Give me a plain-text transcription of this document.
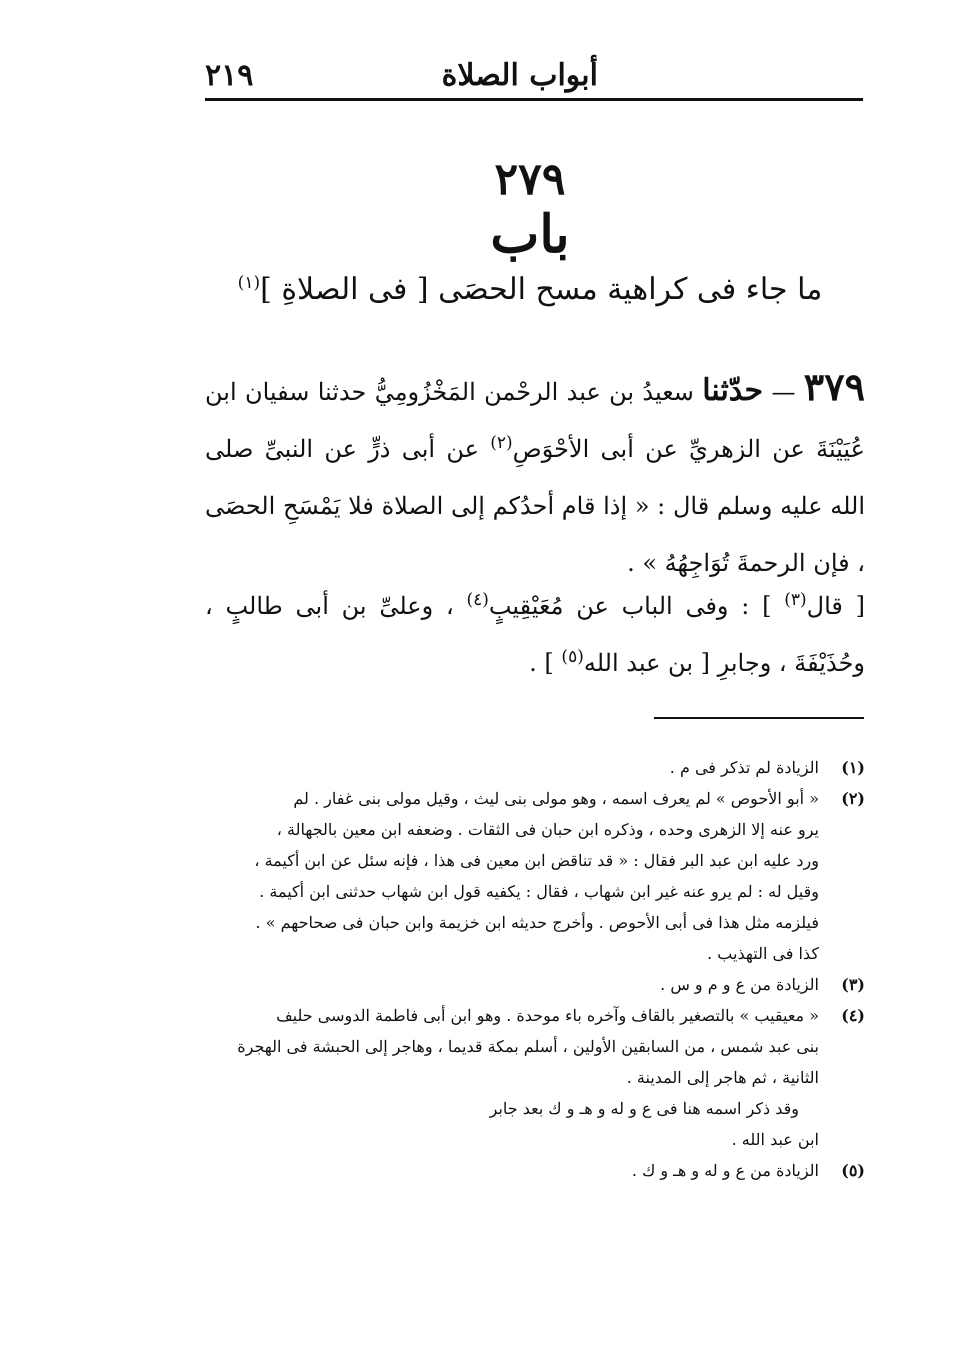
أبواب الصلاة
٢١٩
٢٧٩
باب
ما جاء فى كراهية مسح الحصَى [ فى الصلاةِ ]$^{(١)}$
٣٧٩ — حدّثنا سعيدُ بن عبد الرحْمن المَخْزُومِيُّ حدثنا سفيان ابن عُيَيْنَةَ عن الزهريِّ عن أبى الأحْوَصِ$^{(٢)}$ عن أبى ذرٍّ عن النبىِّ صلى الله عليه وسلم قال : « إذا قام أحدُكم إلى الصلاة فلا يَمْسَحِ الحصَى ، فإن الرحمةَ تُوَاجِهُهُ » .
[ قال$^{(٣)}$ ] : وفى الباب عن مُعَيْقِيبٍ$^{(٤)}$ ، وعلىِّ بن أبى طالبٍ ، وحُذَيْفَةَ ، وجابرِ [ بن عبد الله$^{(٥)}$ ] .
(١)
الزيادة لم تذكر فى م .
(٢)
« أبو الأحوص » لم يعرف اسمه ، وهو مولى بنى ليث ، وقيل مولى بنى غفار . لم
يرو عنه إلا الزهرى وحده ، وذكره ابن حبان فى الثقات . وضعفه ابن معين بالجهالة ،
ورد عليه ابن عبد البر فقال : « قد تناقض ابن معين فى هذا ، فإنه سئل عن ابن أكيمة ،
وقيل له : لم يرو عنه غير ابن شهاب ، فقال : يكفيه قول ابن شهاب حدثنى ابن أكيمة .
فيلزمه مثل هذا فى أبى الأحوص . وأخرج حديثه ابن خزيمة وابن حبان فى صحاحهم » .
كذا فى التهذيب .
(٣)
الزيادة من ع و م و س .
(٤)
« معيقيب » بالتصغير بالقاف وآخره باء موحدة . وهو ابن أبى فاطمة الدوسى حليف
بنى عبد شمس ، من السابقين الأولين ، أسلم بمكة قديما ، وهاجر إلى الحبشة فى الهجرة
الثانية ، ثم هاجر إلى المدينة .
وقد ذكر اسمه هنا فى ع و له و هـ و ك بعد جابر
ابن عبد الله .
(٥)
الزيادة من ع و له و هـ و ك .
